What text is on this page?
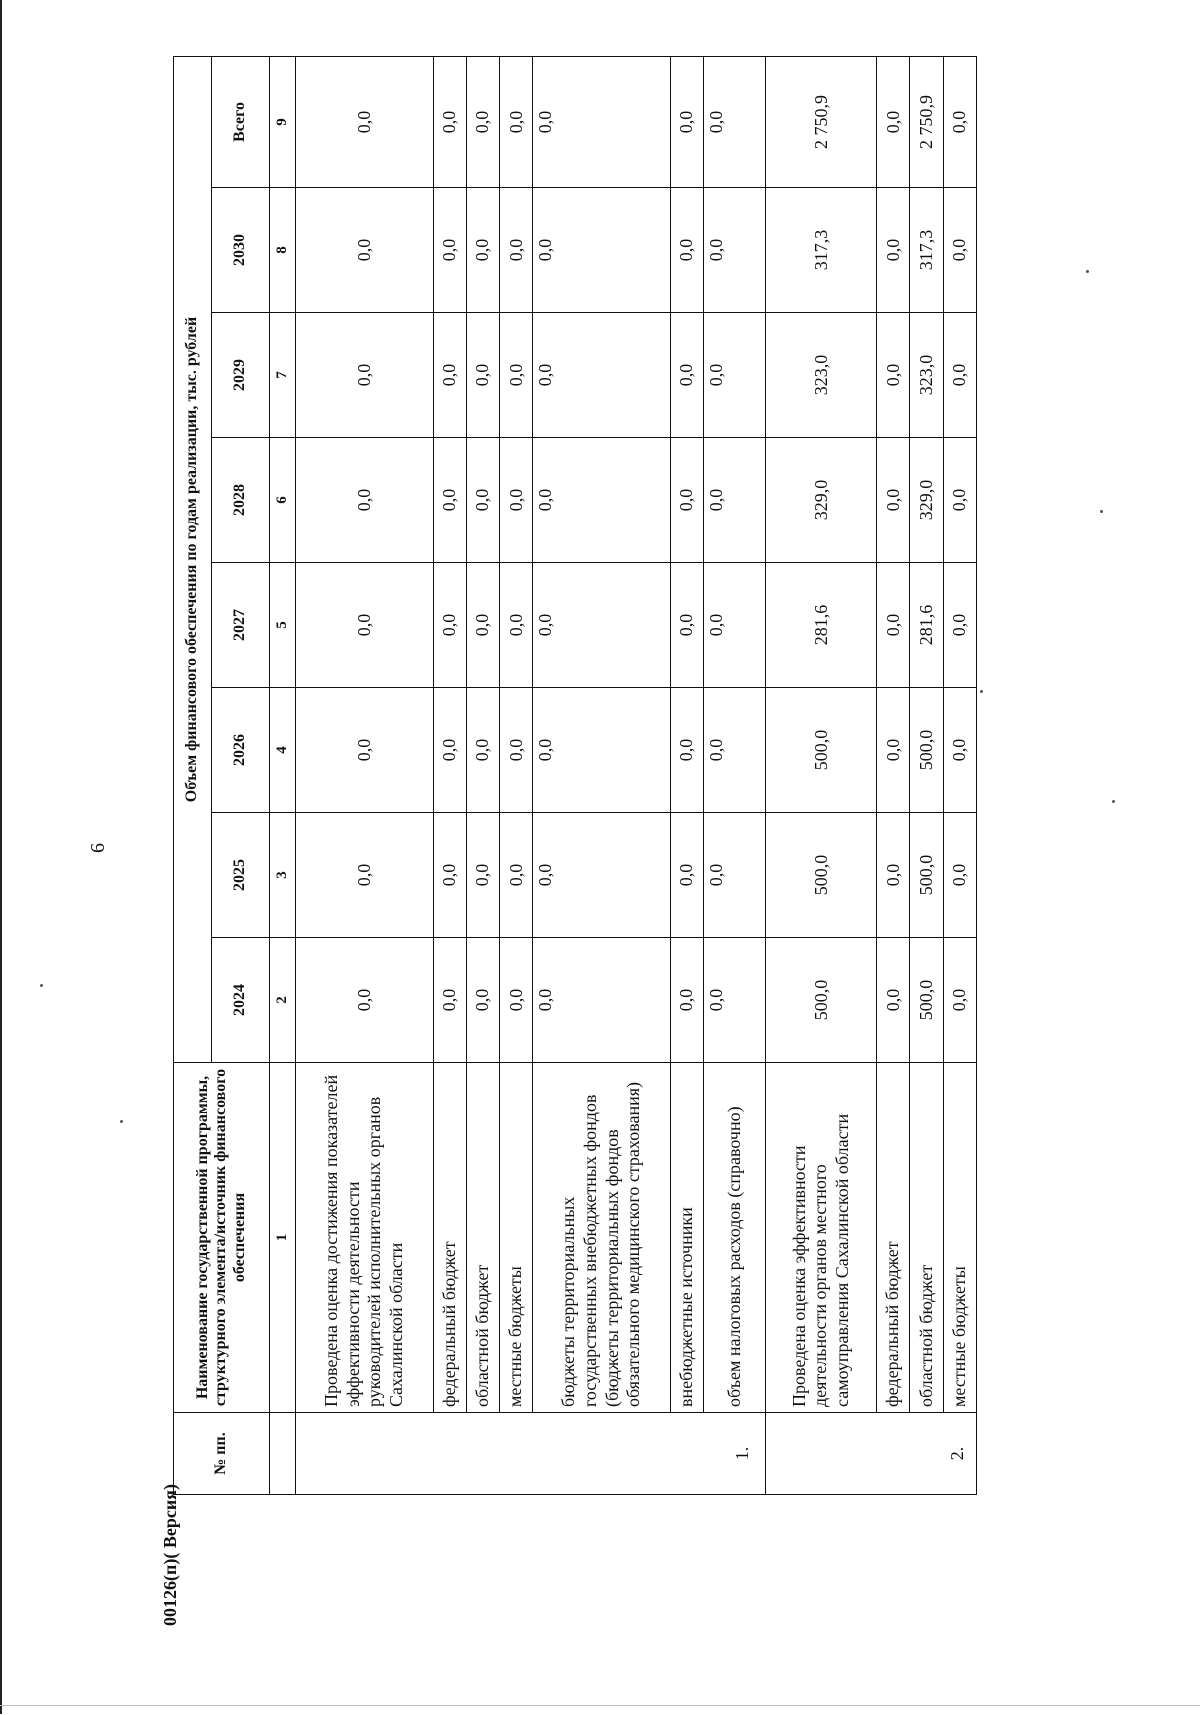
6
00126(п)( Версия)
№ пп.	Наименование государственной программы, структурного элемента/источник финансового обеспечения	Объем финансового обеспечения по годам реализации, тыс. рублей							
		2024	2025	2026	2027	2028	2029	2030	Всего
	1	2	3	4	5	6	7	8	9
1.	Проведена оценка достижения показателей эффективности деятельности руководителей исполнительных органов Сахалинской области	0,0	0,0	0,0	0,0	0,0	0,0	0,0	0,0
	федеральный бюджет	0,0	0,0	0,0	0,0	0,0	0,0	0,0	0,0
	областной бюджет	0,0	0,0	0,0	0,0	0,0	0,0	0,0	0,0
	местные бюджеты	0,0	0,0	0,0	0,0	0,0	0,0	0,0	0,0
	бюджеты территориальных государственных внебюджетных фондов (бюджеты территориальных фондов обязательного медицинского страхования)	0,0	0,0	0,0	0,0	0,0	0,0	0,0	0,0
	внебюджетные источники	0,0	0,0	0,0	0,0	0,0	0,0	0,0	0,0
	объем налоговых расходов (справочно)	0,0	0,0	0,0	0,0	0,0	0,0	0,0	0,0
2.	Проведена оценка эффективности деятельности органов местного самоуправления Сахалинской области	500,0	500,0	500,0	281,6	329,0	323,0	317,3	2 750,9
	федеральный бюджет	0,0	0,0	0,0	0,0	0,0	0,0	0,0	0,0
	областной бюджет	500,0	500,0	500,0	281,6	329,0	323,0	317,3	2 750,9
	местные бюджеты	0,0	0,0	0,0	0,0	0,0	0,0	0,0	0,0
